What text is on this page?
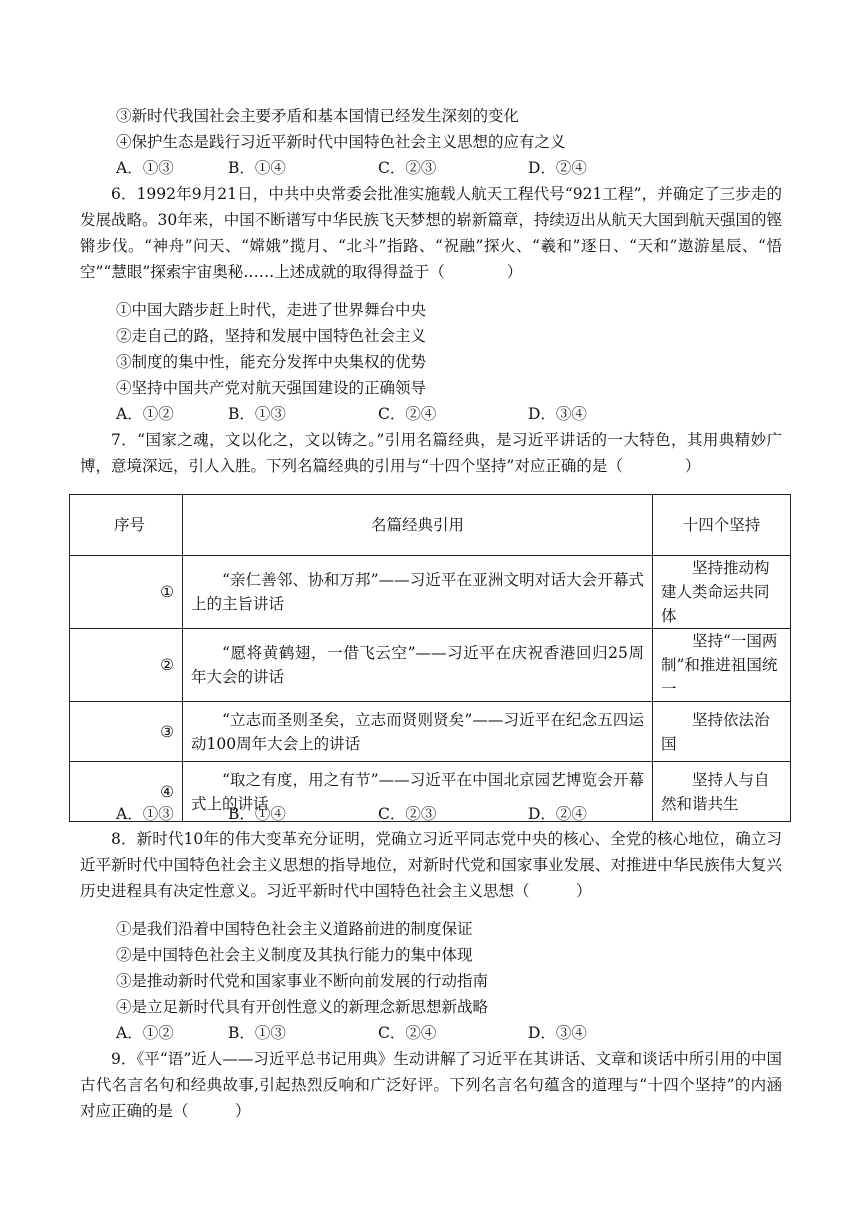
③新时代我国社会主要矛盾和基本国情已经发生深刻的变化
④保护生态是践行习近平新时代中国特色社会主义思想的应有之义
A．①③	B．①④	C．②③	D．②④
6．1992年9月21日，中共中央常委会批准实施载人航天工程代号“921工程”，并确定了三步走的发展战略。30年来，中国不断谱写中华民族飞天梦想的崭新篇章，持续迈出从航天大国到航天强国的铿锵步伐。“神舟”问天、“嫦娥”揽月、“北斗”指路、“祝融”探火、“羲和”逐日、“天和”遨游星辰、“悟空”“慧眼”探索宇宙奥秘……上述成就的取得得益于（　　　　）
①中国大踏步赶上时代，走进了世界舞台中央
②走自己的路，坚持和发展中国特色社会主义
③制度的集中性，能充分发挥中央集权的优势
④坚持中国共产党对航天强国建设的正确领导
A．①②	B．①③	C．②④	D．③④
7．“国家之魂，文以化之，文以铸之。”引用名篇经典，是习近平讲话的一大特色，其用典精妙广博，意境深远，引人入胜。下列名篇经典的引用与“十四个坚持”对应正确的是（　　　　）
序号	名篇经典引用	十四个坚持
①	“亲仁善邻、协和万邦”——习近平在亚洲文明对话大会开幕式上的主旨讲话	坚持推动构建人类命运共同体

②	“愿将黄鹤翅，一借飞云空”——习近平在庆祝香港回归25周年大会的讲话	坚持“一国两制”和推进祖国统一

③	“立志而圣则圣矣，立志而贤则贤矣”——习近平在纪念五四运动100周年大会上的讲话	坚持依法治国

④	“取之有度，用之有节”——习近平在中国北京园艺博览会开幕式上的讲话	坚持人与自然和谐共生
A．①③	B．①④	C．②③	D．②④
8．新时代10年的伟大变革充分证明，党确立习近平同志党中央的核心、全党的核心地位，确立习近平新时代中国特色社会主义思想的指导地位，对新时代党和国家事业发展、对推进中华民族伟大复兴历史进程具有决定性意义。习近平新时代中国特色社会主义思想（　　　）
①是我们沿着中国特色社会主义道路前进的制度保证
②是中国特色社会主义制度及其执行能力的集中体现
③是推动新时代党和国家事业不断向前发展的行动指南
④是立足新时代具有开创性意义的新理念新思想新战略
A．①②	B．①③	C．②④	D．③④
9．《平“语”近人——习近平总书记用典》生动讲解了习近平在其讲话、文章和谈话中所引用的中国古代名言名句和经典故事,引起热烈反响和广泛好评。下列名言名句蕴含的道理与“十四个坚持”的内涵对应正确的是（　　　）
